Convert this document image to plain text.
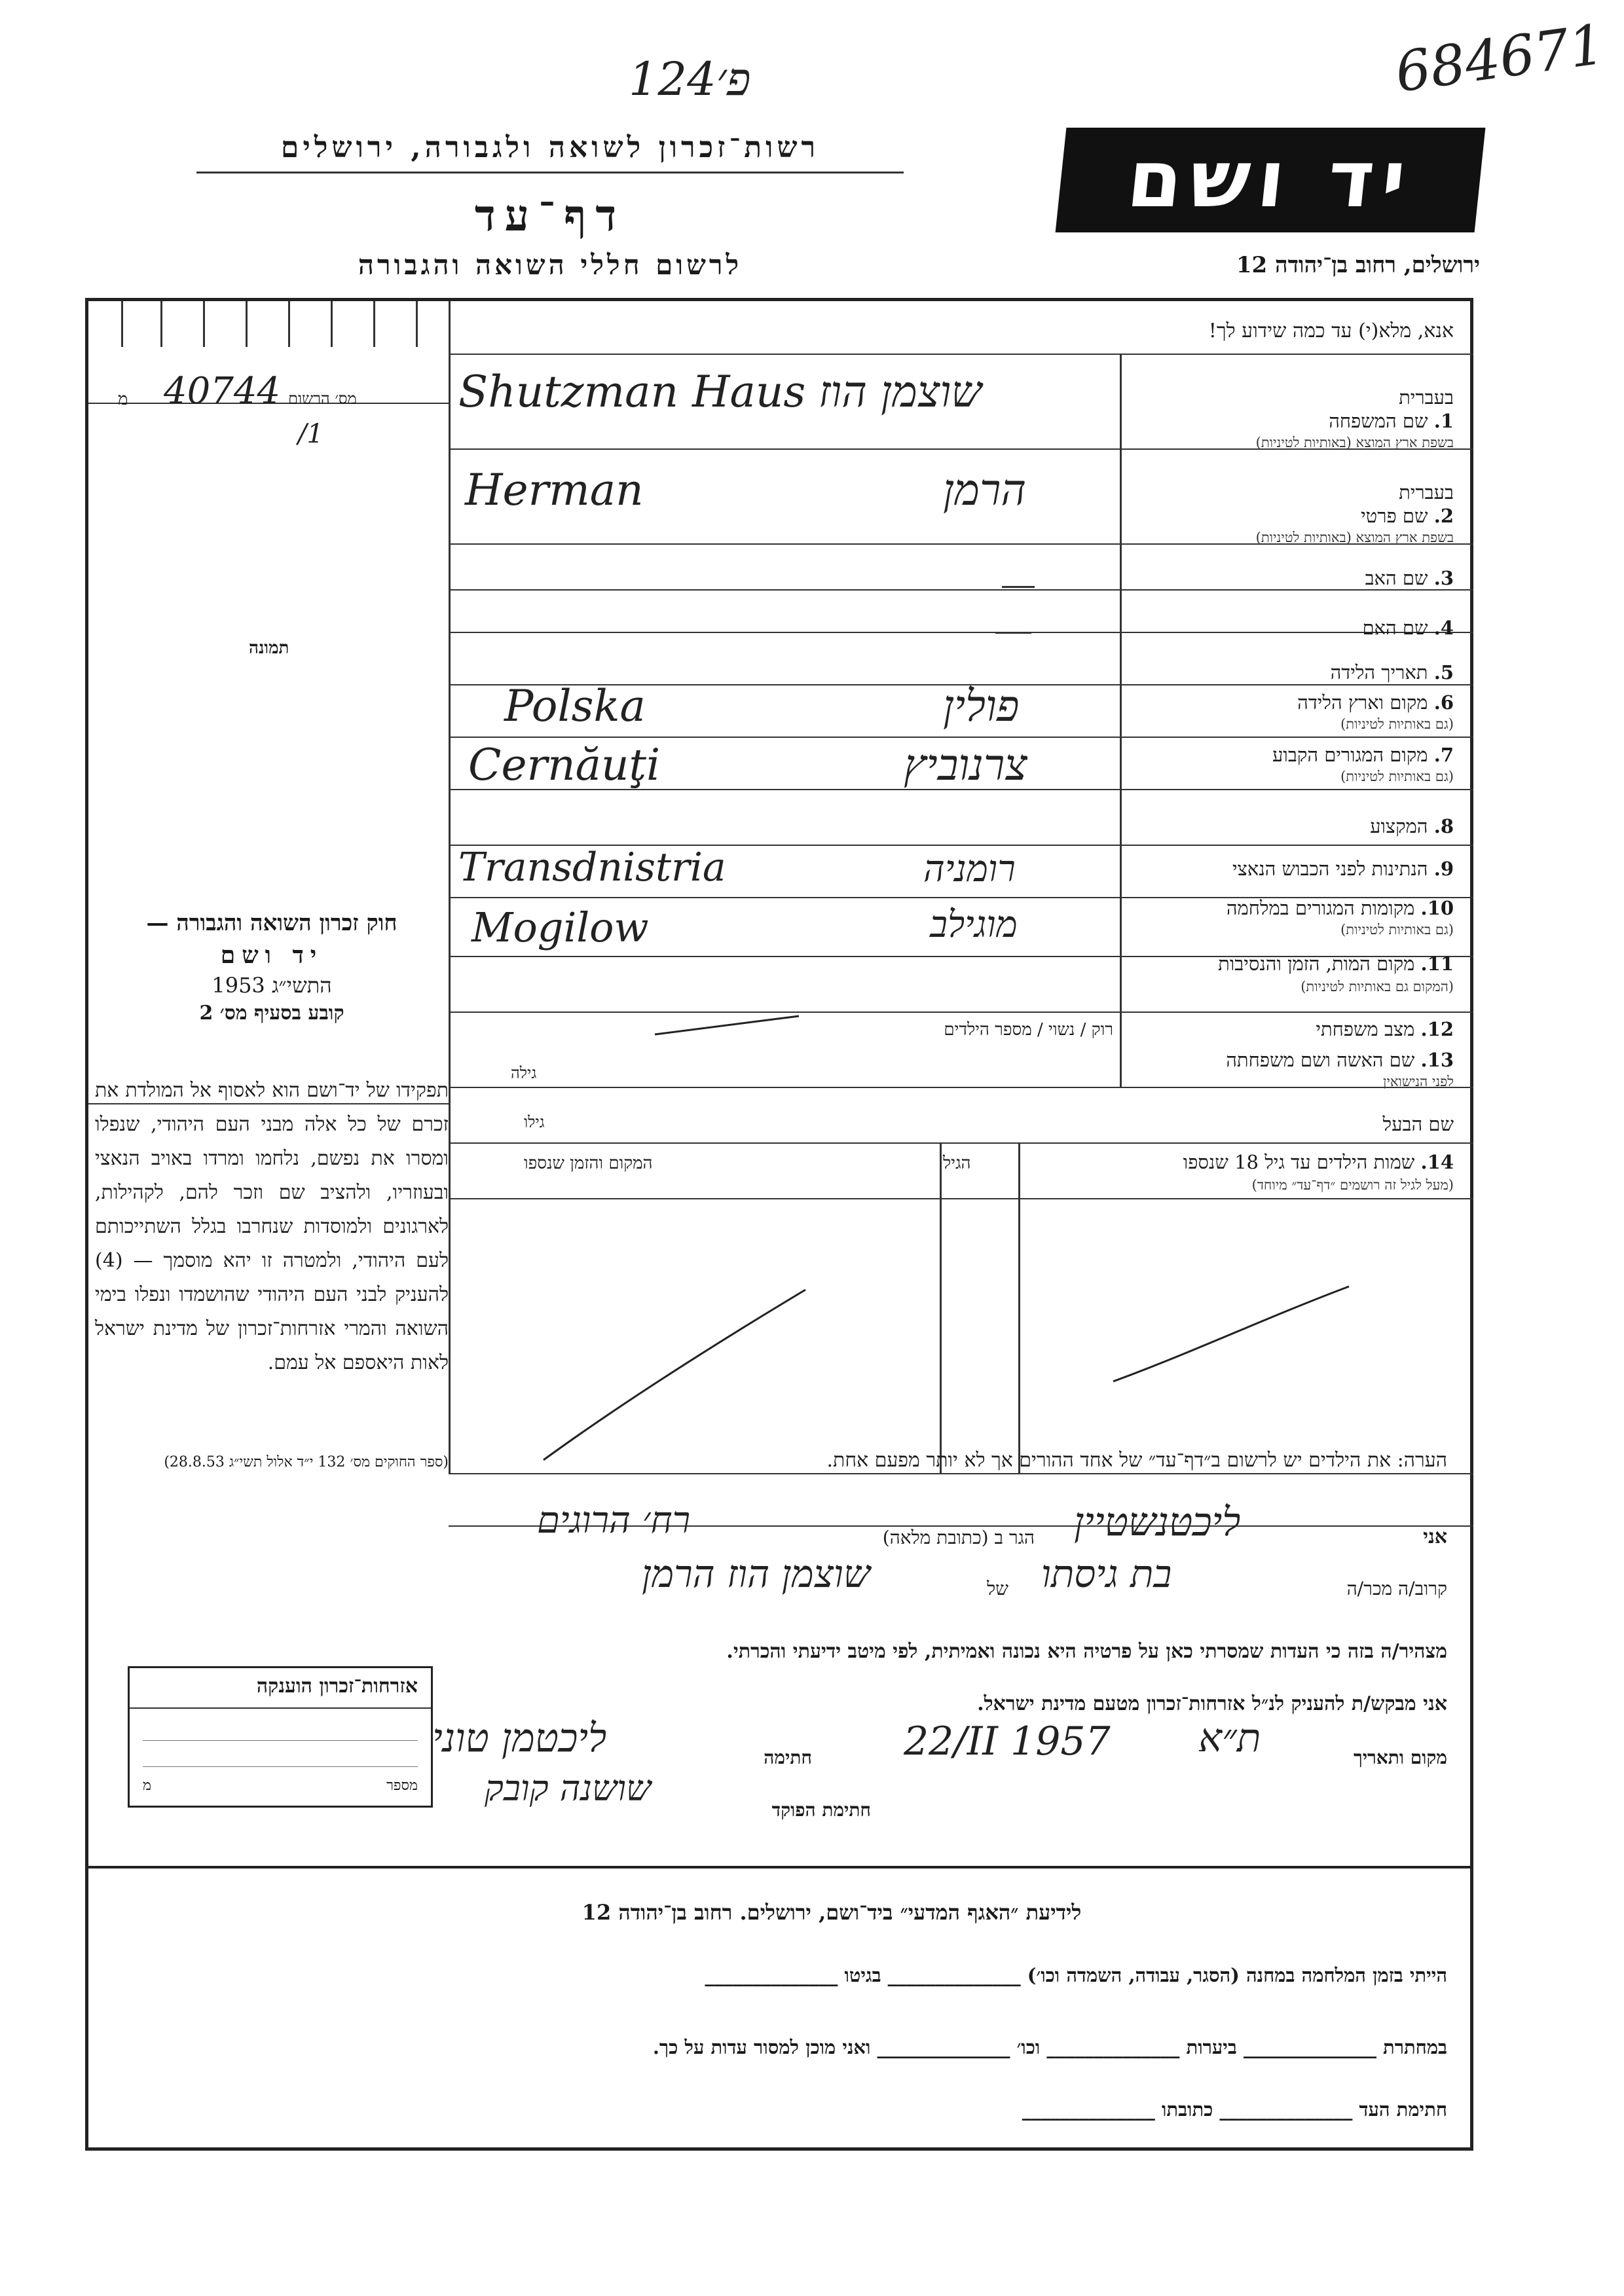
פ׳124	684671
רשות־זכרון לשואה ולגבורה, ירושלים
דף־עד
לרשום חללי השואה והגבורה
יד ושם
ירושלים, רחוב בן־יהודה 12
מס׳ הרשום
מ 40744
/1
תמונה
אנא, מלא(י) עד כמה שידוע לך!
בעברית
1. שם המשפחה
בשפת ארץ המוצא (באותיות לטיניות)
Shutzman Haus שוצמן הוז
בעברית
2. שם פרטי
בשפת ארץ המוצא (באותיות לטיניות)
Herman	הרמן
3. שם האב
4. שם האם
5. תאריך הלידה
6. מקום וארץ הלידה
(גם באותיות לטיניות)
Polska	פולין
7. מקום המגורים הקבוע
(גם באותיות לטיניות)
Cernăuţi	צרנוביץ
8. המקצוע
9. הנתינות לפני הכבוש הנאצי
Transdnistria	רומניה
10. מקומות המגורים במלחמה
(גם באותיות לטיניות)
Mogilow	מוגילב
11. מקום המות, הזמן והנסיבות
(המקום גם באותיות לטיניות)
12. מצב משפחתי
רוק / נשוי / מספר הילדים
13. שם האשה ושם משפחתה
לפני הנישואין
גילה
שם הבעל
גילו
14. שמות הילדים עד גיל 18 שנספו
(מעל לגיל זה רושמים ״דף־עד״ מיוחד)
הגיל
המקום והזמן שנספו
הערה: את הילדים יש לרשום ב״דף־עד״ של אחד ההורים אך לא יותר מפעם אחת.
חוק זכרון השואה והגבורה —
יד ושם
התשי״ג 1953
קובע בסעיף מס׳ 2
תפקידו של יד־ושם הוא לאסוף אל המולדת את זכרם של כל אלה מבני העם היהודי, שנפלו ומסרו את נפשם, נלחמו ומרדו באויב הנאצי ובעוזריו, ולהציב שם וזכר להם, לקהילות, לארגונים ולמוסדות שנחרבו בגלל השתייכותם לעם היהודי, ולמטרה זו יהא מוסמך — (4) להעניק לבני העם היהודי שהושמדו ונפלו בימי השואה והמרי אזרחות־זכרון של מדינת ישראל לאות היאספם אל עמם.
(ספר החוקים מס׳ 132 י״ד אלול תשי״ג 28.8.53)
אני
ליכטנשטיין
הגר ב (כתובת מלאה)
רח׳ הרוגים
קרוב/ה מכר/ה
בת גיסתו
של
שוצמן הוז הרמן
מצהיר/ה בזה כי העדות שמסרתי כאן על פרטיה היא נכונה ואמיתית, לפי מיטב ידיעתי והכרתי.
אני מבקש/ת להעניק לנ״ל אזרחות־זכרון מטעם מדינת ישראל.
מקום ותאריך
ת״א
22/II 1957
חתימה
ליכטמן טוני
חתימת הפוקד
שושנה קובק
אזרחות־זכרון הוענקה
מספר
מ
לידיעת ״האגף המדעי״ ביד־ושם, ירושלים. רחוב בן־יהודה 12
הייתי בזמן המלחמה במחנה (הסגר, עבודה, השמדה וכו׳) ______________ בגיטו ______________
במחתרת ______________ ביערות ______________ וכו׳ ______________ ואני מוכן למסור עדות על כך.
חתימת העד ______________ כתובתו ______________
